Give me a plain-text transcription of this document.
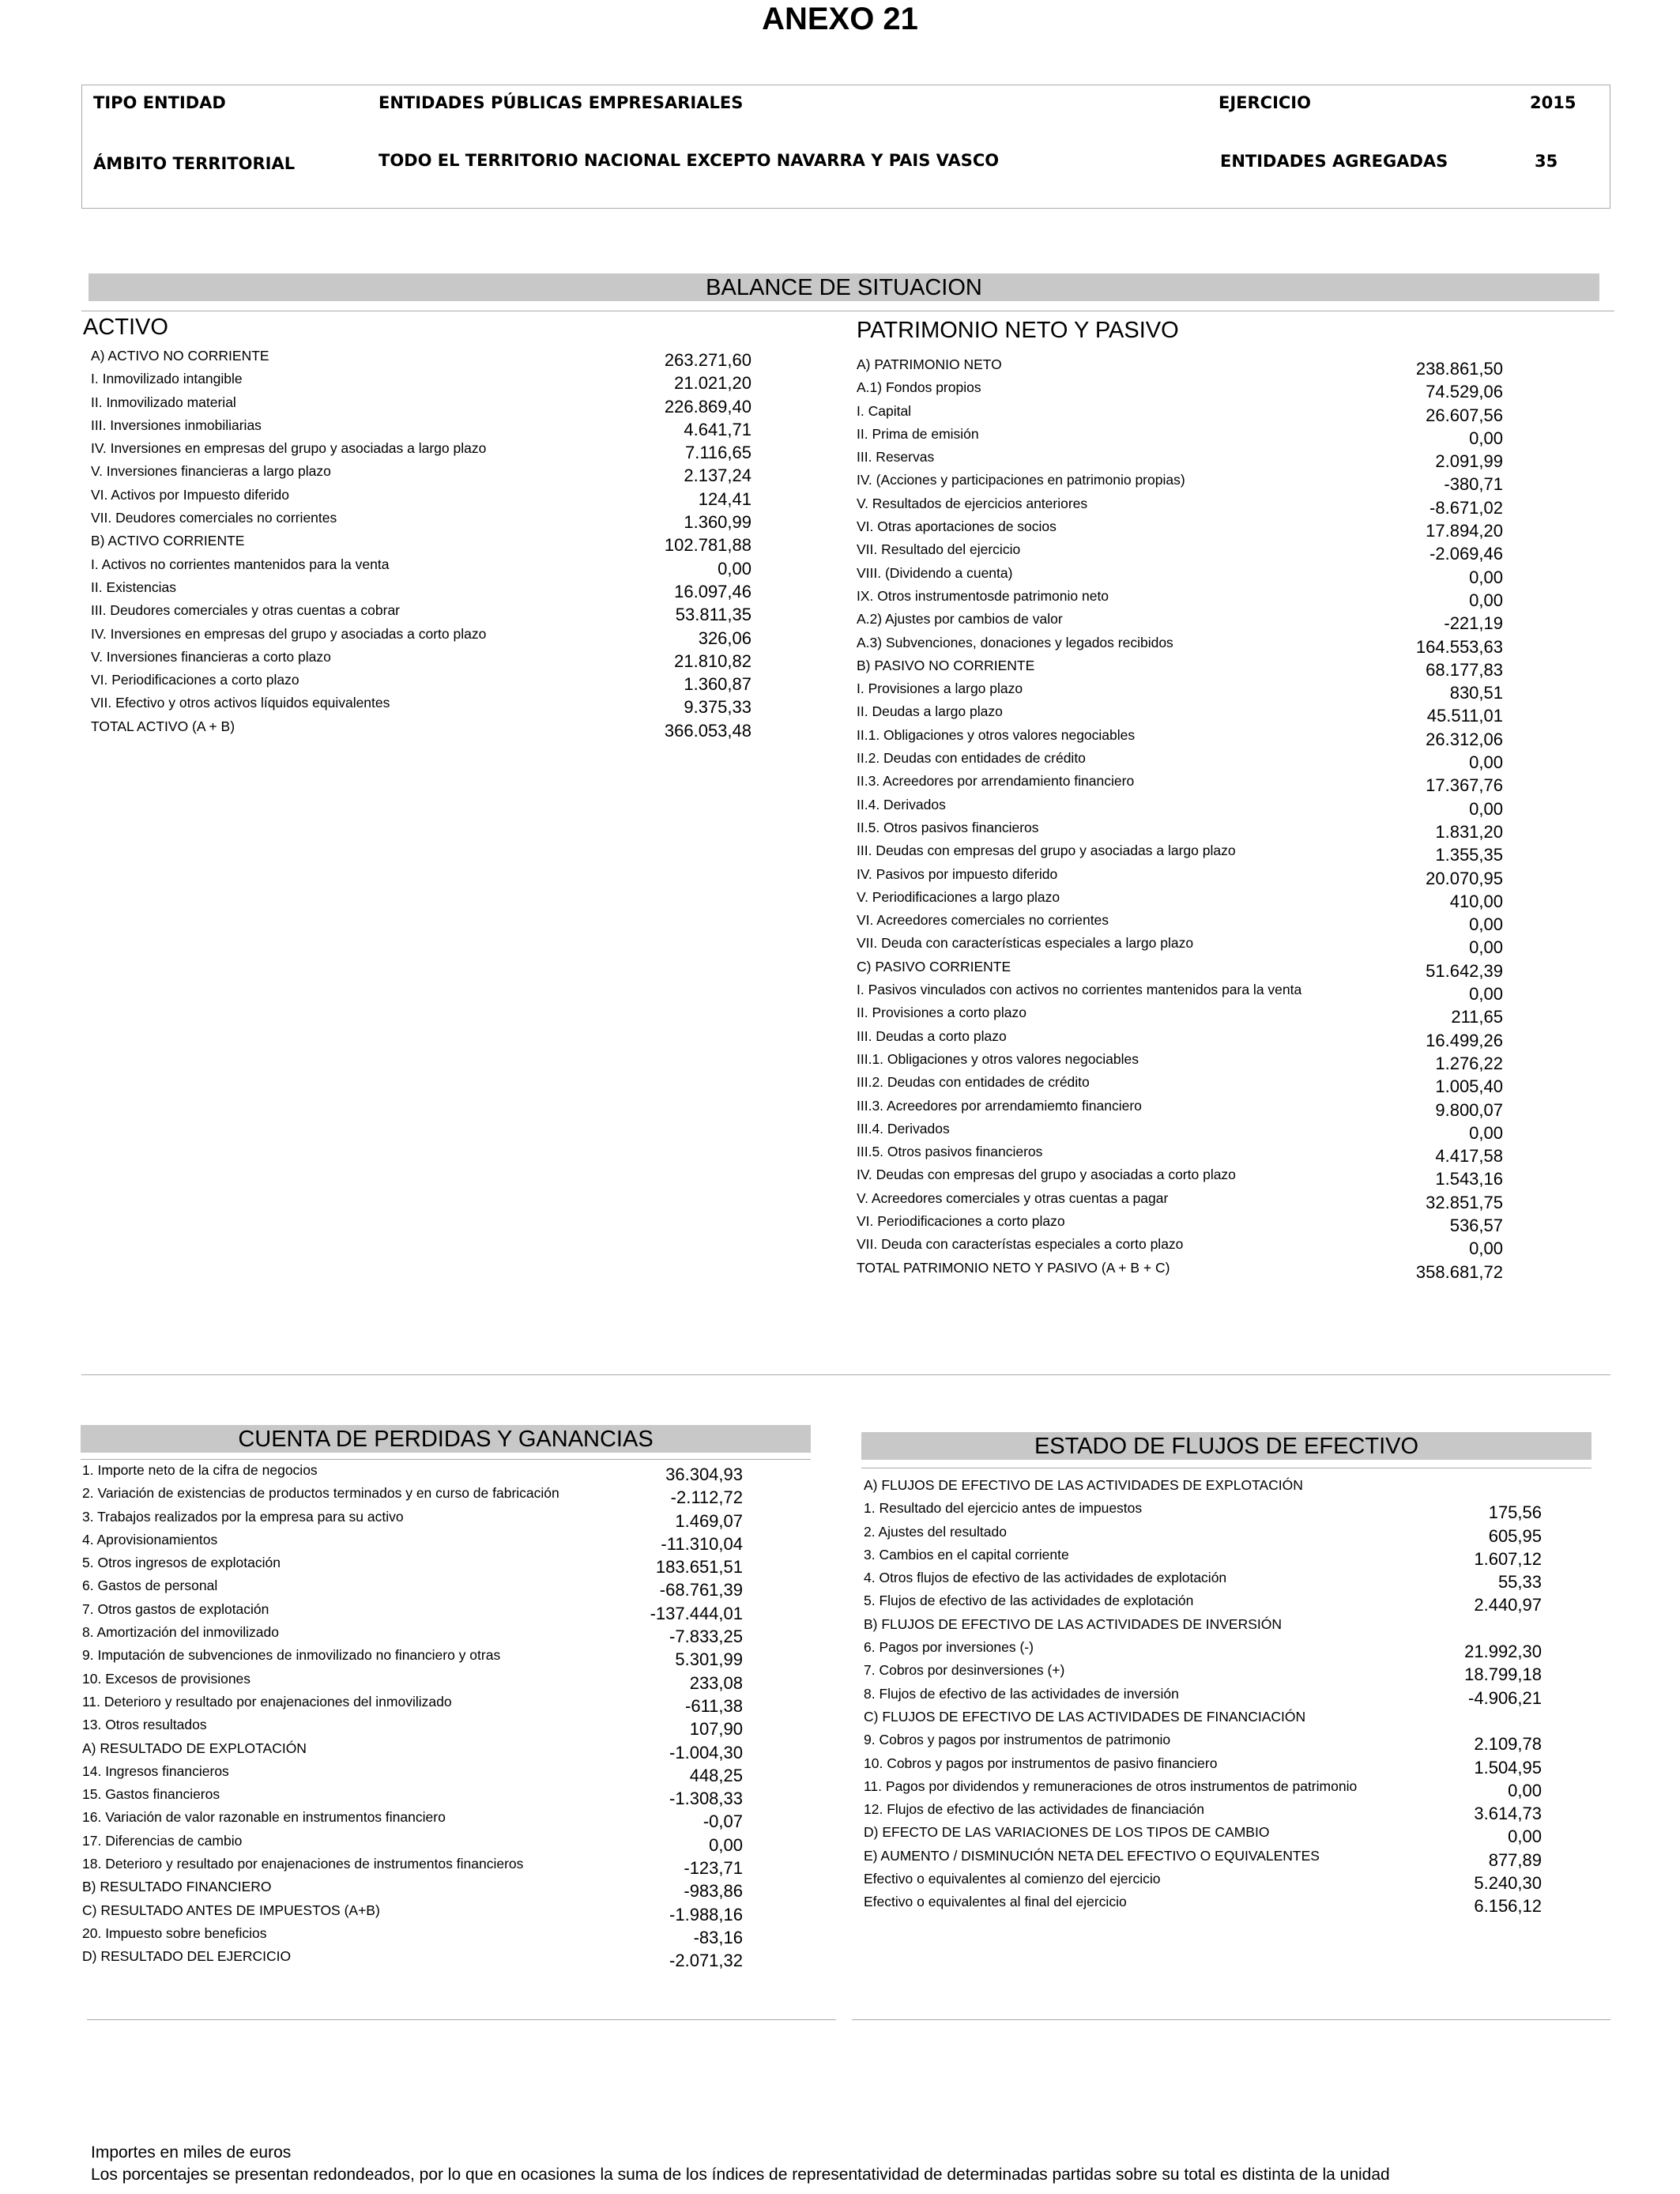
ANEXO 21
TIPO ENTIDAD	ENTIDADES PÚBLICAS EMPRESARIALES	EJERCICIO	2015
ÁMBITO TERRITORIAL	TODO EL TERRITORIO NACIONAL EXCEPTO NAVARRA Y PAIS VASCO	ENTIDADES AGREGADAS	35
BALANCE DE SITUACION
ACTIVO	PATRIMONIO NETO Y PASIVO
A) ACTIVO NO CORRIENTE	263.271,60
I. Inmovilizado intangible	21.021,20
II. Inmovilizado material	226.869,40
III. Inversiones inmobiliarias	4.641,71
IV. Inversiones en empresas del grupo y asociadas a largo plazo	7.116,65
V. Inversiones financieras a largo plazo	2.137,24
VI. Activos por Impuesto diferido	124,41
VII. Deudores comerciales no corrientes	1.360,99
B) ACTIVO CORRIENTE	102.781,88
I. Activos no corrientes mantenidos para la venta	0,00
II. Existencias	16.097,46
III. Deudores comerciales y otras cuentas a cobrar	53.811,35
IV. Inversiones en empresas del grupo y asociadas a corto plazo	326,06
V. Inversiones financieras a corto plazo	21.810,82
VI. Periodificaciones a corto plazo	1.360,87
VII. Efectivo y otros activos líquidos equivalentes	9.375,33
TOTAL ACTIVO (A + B)	366.053,48
A) PATRIMONIO NETO	238.861,50
A.1) Fondos propios	74.529,06
I. Capital	26.607,56
II. Prima de emisión	0,00
III. Reservas	2.091,99
IV. (Acciones y participaciones en patrimonio propias)	-380,71
V. Resultados de ejercicios anteriores	-8.671,02
VI. Otras aportaciones de socios	17.894,20
VII. Resultado del ejercicio	-2.069,46
VIII. (Dividendo a cuenta)	0,00
IX. Otros instrumentosde patrimonio neto	0,00
A.2) Ajustes por cambios de valor	-221,19
A.3) Subvenciones, donaciones y legados recibidos	164.553,63
B) PASIVO NO CORRIENTE	68.177,83
I. Provisiones a largo plazo	830,51
II. Deudas a largo plazo	45.511,01
II.1. Obligaciones y otros valores negociables	26.312,06
II.2. Deudas con entidades de crédito	0,00
II.3. Acreedores por arrendamiento financiero	17.367,76
II.4. Derivados	0,00
II.5. Otros pasivos financieros	1.831,20
III. Deudas con empresas del grupo y asociadas a largo plazo	1.355,35
IV. Pasivos por impuesto diferido	20.070,95
V. Periodificaciones a largo plazo	410,00
VI. Acreedores comerciales no corrientes	0,00
VII. Deuda con características especiales a largo plazo	0,00
C) PASIVO CORRIENTE	51.642,39
I. Pasivos vinculados con activos no corrientes mantenidos para la venta	0,00
II. Provisiones a corto plazo	211,65
III. Deudas a corto plazo	16.499,26
III.1. Obligaciones y otros valores negociables	1.276,22
III.2. Deudas con entidades de crédito	1.005,40
III.3. Acreedores por arrendamiemto financiero	9.800,07
III.4. Derivados	0,00
III.5. Otros pasivos financieros	4.417,58
IV. Deudas con empresas del grupo y asociadas a corto plazo	1.543,16
V. Acreedores comerciales y otras cuentas a pagar	32.851,75
VI. Periodificaciones a corto plazo	536,57
VII. Deuda con característas especiales a corto plazo	0,00
TOTAL PATRIMONIO NETO Y PASIVO (A + B + C)	358.681,72
CUENTA DE PERDIDAS Y GANANCIAS
1. Importe neto de la cifra de negocios	36.304,93
2. Variación de existencias de productos terminados y en curso de fabricación	-2.112,72
3. Trabajos realizados por la empresa para su activo	1.469,07
4. Aprovisionamientos	-11.310,04
5. Otros ingresos de explotación	183.651,51
6. Gastos de personal	-68.761,39
7. Otros gastos de explotación	-137.444,01
8. Amortización del inmovilizado	-7.833,25
9. Imputación de subvenciones de inmovilizado no financiero y otras	5.301,99
10. Excesos de provisiones	233,08
11. Deterioro y resultado por enajenaciones del inmovilizado	-611,38
13. Otros resultados	107,90
A) RESULTADO DE EXPLOTACIÓN	-1.004,30
14. Ingresos financieros	448,25
15. Gastos financieros	-1.308,33
16. Variación de valor razonable en instrumentos financiero	-0,07
17. Diferencias de cambio	0,00
18. Deterioro y resultado por enajenaciones de instrumentos financieros	-123,71
B) RESULTADO FINANCIERO	-983,86
C) RESULTADO ANTES DE IMPUESTOS (A+B)	-1.988,16
20. Impuesto sobre beneficios	-83,16
D) RESULTADO DEL EJERCICIO	-2.071,32
ESTADO DE FLUJOS DE EFECTIVO
A) FLUJOS DE EFECTIVO DE LAS ACTIVIDADES DE EXPLOTACIÓN
1. Resultado del ejercicio antes de impuestos	175,56
2. Ajustes del resultado	605,95
3. Cambios en el capital corriente	1.607,12
4. Otros flujos de efectivo de las actividades de explotación	55,33
5. Flujos de efectivo de las actividades de explotación	2.440,97
B) FLUJOS DE EFECTIVO DE LAS ACTIVIDADES DE INVERSIÓN
6. Pagos por inversiones (-)	21.992,30
7. Cobros por desinversiones (+)	18.799,18
8. Flujos de efectivo de las actividades de inversión	-4.906,21
C) FLUJOS DE EFECTIVO DE LAS ACTIVIDADES DE FINANCIACIÓN
9. Cobros y pagos por instrumentos de patrimonio	2.109,78
10. Cobros y pagos por instrumentos de pasivo financiero	1.504,95
11. Pagos por dividendos y remuneraciones de otros instrumentos de patrimonio	0,00
12. Flujos de efectivo de las actividades de financiación	3.614,73
D) EFECTO DE LAS VARIACIONES DE LOS TIPOS DE CAMBIO	0,00
E) AUMENTO / DISMINUCIÓN NETA DEL EFECTIVO O EQUIVALENTES	877,89
Efectivo o equivalentes al comienzo del ejercicio	5.240,30
Efectivo o equivalentes al final del ejercicio	6.156,12
Importes en miles de euros
Los porcentajes se presentan redondeados, por lo que en ocasiones la suma de los índices de representatividad de determinadas partidas sobre su total es distinta de la unidad
